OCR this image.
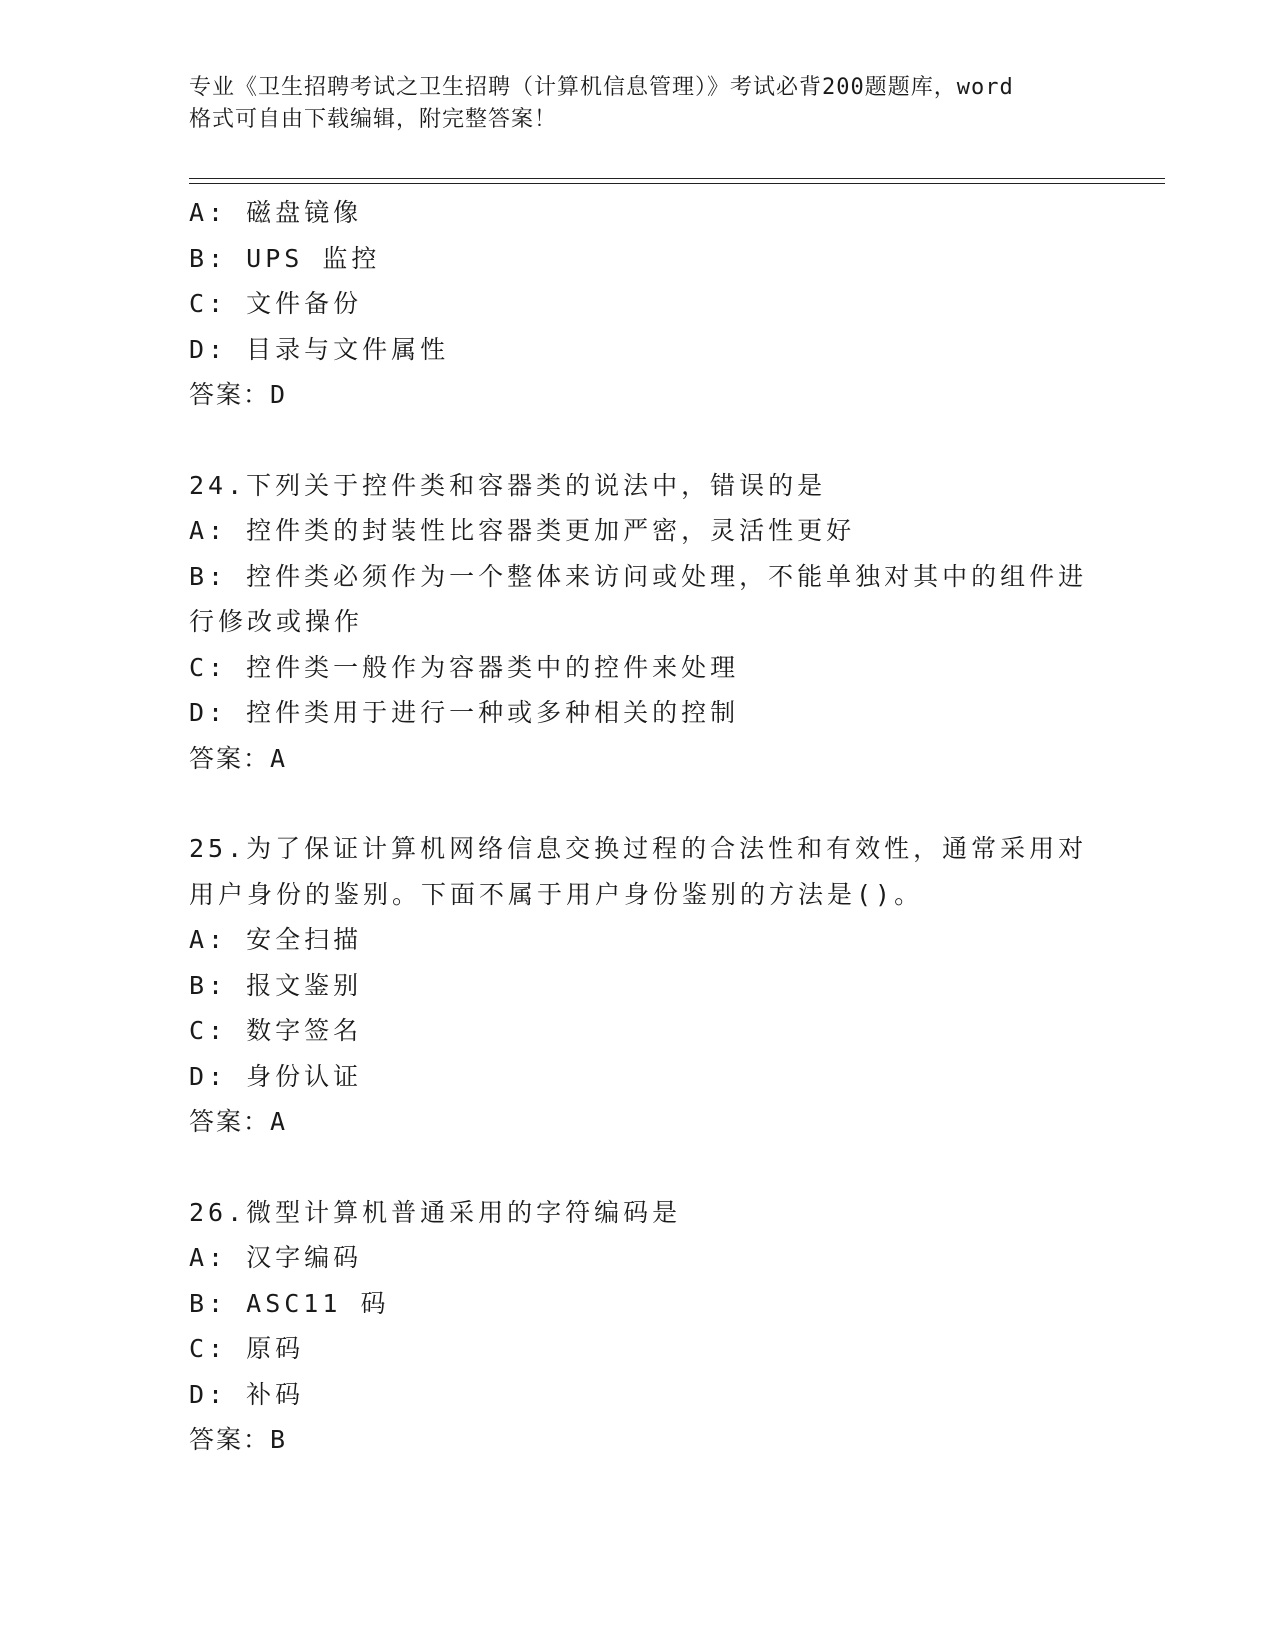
专业《卫生招聘考试之卫生招聘（计算机信息管理）》考试必背200题题库，word
格式可自由下载编辑，附完整答案！
A: 磁盘镜像
B: UPS 监控
C: 文件备份
D: 目录与文件属性
答案：D
24.下列关于控件类和容器类的说法中，错误的是
A: 控件类的封装性比容器类更加严密，灵活性更好
B: 控件类必须作为一个整体来访问或处理，不能单独对其中的组件进
行修改或操作
C: 控件类一般作为容器类中的控件来处理
D: 控件类用于进行一种或多种相关的控制
答案：A
25.为了保证计算机网络信息交换过程的合法性和有效性，通常采用对
用户身份的鉴别。下面不属于用户身份鉴别的方法是()。
A: 安全扫描
B: 报文鉴别
C: 数字签名
D: 身份认证
答案：A
26.微型计算机普通采用的字符编码是
A: 汉字编码
B: ASC11 码
C: 原码
D: 补码
答案：B
